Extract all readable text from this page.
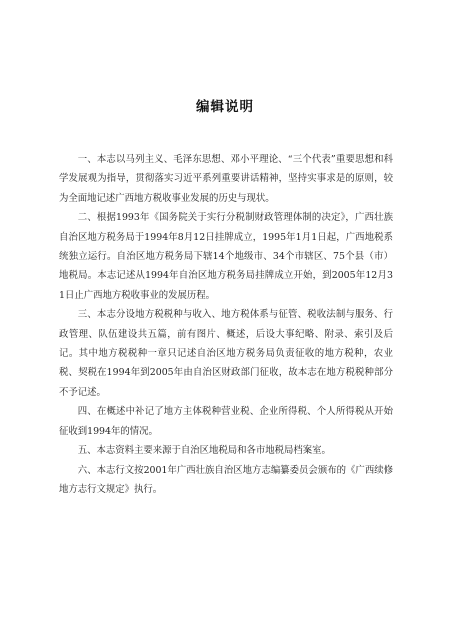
编辑说明

一、本志以马列主义、毛泽东思想、邓小平理论、“三个代表”重要思想和科学发展观为指导，贯彻落实习近平系列重要讲话精神，坚持实事求是的原则，较为全面地记述广西地方税收事业发展的历史与现状。

二、根据1993年《国务院关于实行分税制财政管理体制的决定》，广西壮族自治区地方税务局于1994年8月12日挂牌成立，1995年1月1日起，广西地税系统独立运行。自治区地方税务局下辖14个地级市、34个市辖区、75个县（市）地税局。本志记述从1994年自治区地方税务局挂牌成立开始，到2005年12月31日止广西地方税收事业的发展历程。

三、本志分设地方税税种与收入、地方税体系与征管、税收法制与服务、行政管理、队伍建设共五篇，前有图片、概述，后设大事纪略、附录、索引及后记。其中地方税税种一章只记述自治区地方税务局负责征收的地方税种，农业税、契税在1994年到2005年由自治区财政部门征收，故本志在地方税税种部分不予记述。

四、在概述中补记了地方主体税种营业税、企业所得税、个人所得税从开始征收到1994年的情况。

五、本志资料主要来源于自治区地税局和各市地税局档案室。

六、本志行文按2001年广西壮族自治区地方志编纂委员会颁布的《广西续修地方志行文规定》执行。
